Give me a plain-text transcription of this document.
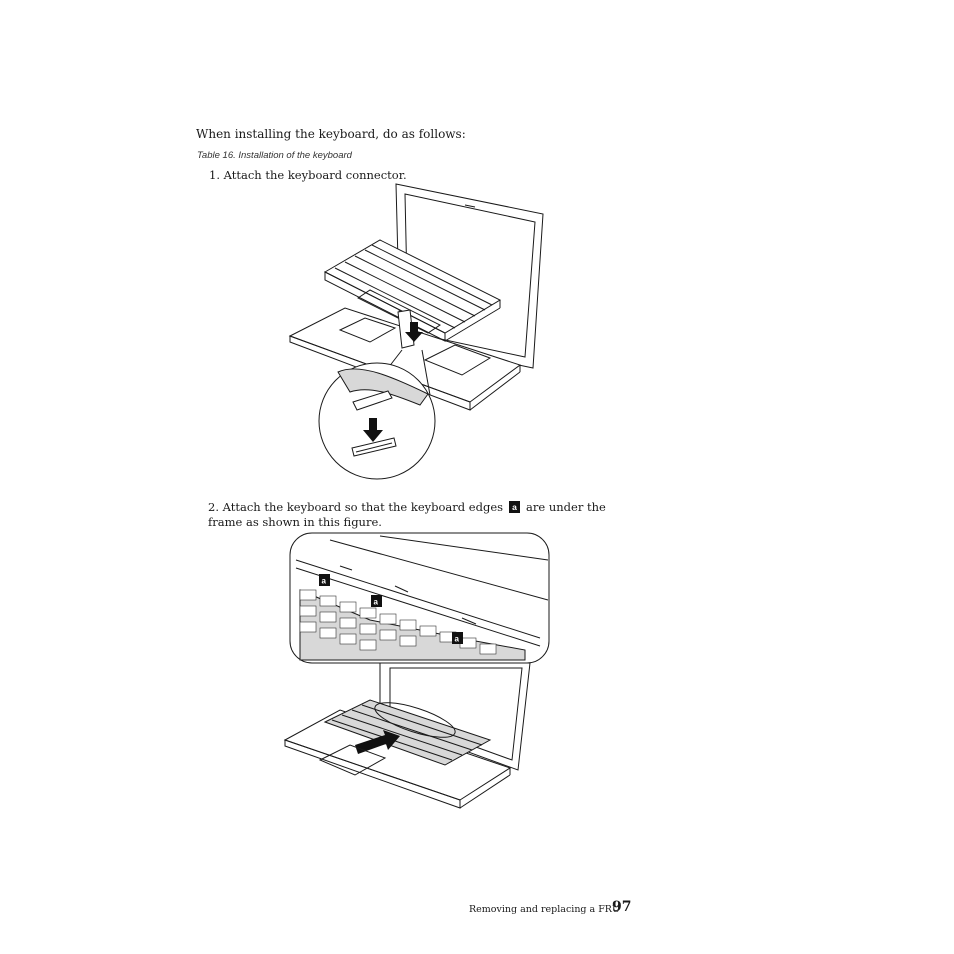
When installing the keyboard, do as follows:
Table 16. Installation of the keyboard
1. Attach the keyboard connector.
2. Attach the keyboard so that the keyboard edges a are under the frame as shown in this figure.
a
a
a
Removing and replacing a FRU
97
